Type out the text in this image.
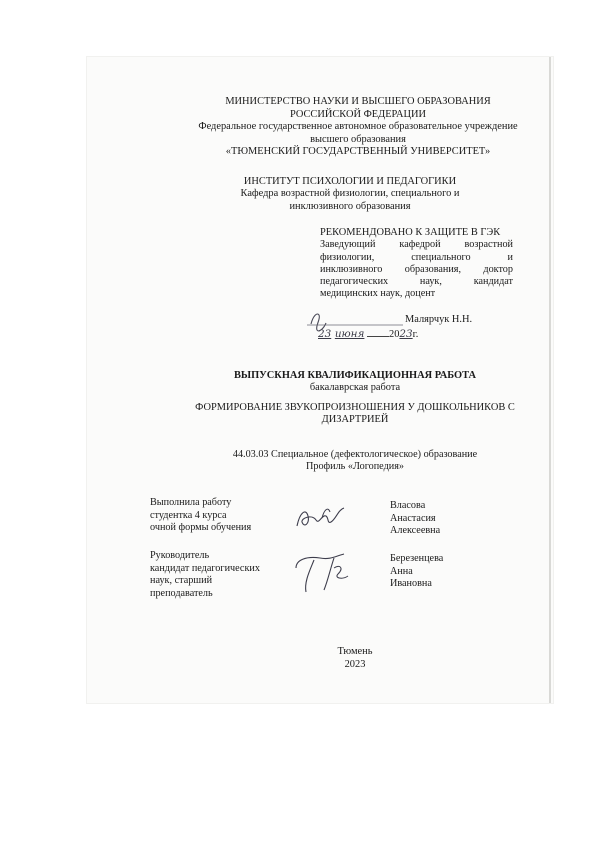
МИНИСТЕРСТВО НАУКИ И ВЫСШЕГО ОБРАЗОВАНИЯ
РОССИЙСКОЙ ФЕДЕРАЦИИ
Федеральное государственное автономное образовательное учреждение
высшего образования
«ТЮМЕНСКИЙ ГОСУДАРСТВЕННЫЙ УНИВЕРСИТЕТ»
ИНСТИТУТ ПСИХОЛОГИИ И ПЕДАГОГИКИ
Кафедра возрастной физиологии, специального и
инклюзивного образования
РЕКОМЕНДОВАНО К ЗАЩИТЕ В ГЭК
Заведующий кафедрой возрастной
физиологии, специального и
инклюзивного образования, доктор
педагогических наук, кандидат
медицинских наук, доцент
Малярчук Н.Н.
23 июня 2023г.
ВЫПУСКНАЯ КВАЛИФИКАЦИОННАЯ РАБОТА
бакалаврская работа
ФОРМИРОВАНИЕ ЗВУКОПРОИЗНОШЕНИЯ У ДОШКОЛЬНИКОВ С
ДИЗАРТРИЕЙ
44.03.03 Специальное (дефектологическое) образование
Профиль «Логопедия»
Выполнила работу
студентка 4 курса
очной формы обучения
Власова
Анастасия
Алексеевна
Руководитель
кандидат педагогических
наук, старший
преподаватель
Березенцева
Анна
Ивановна
Тюмень
2023
